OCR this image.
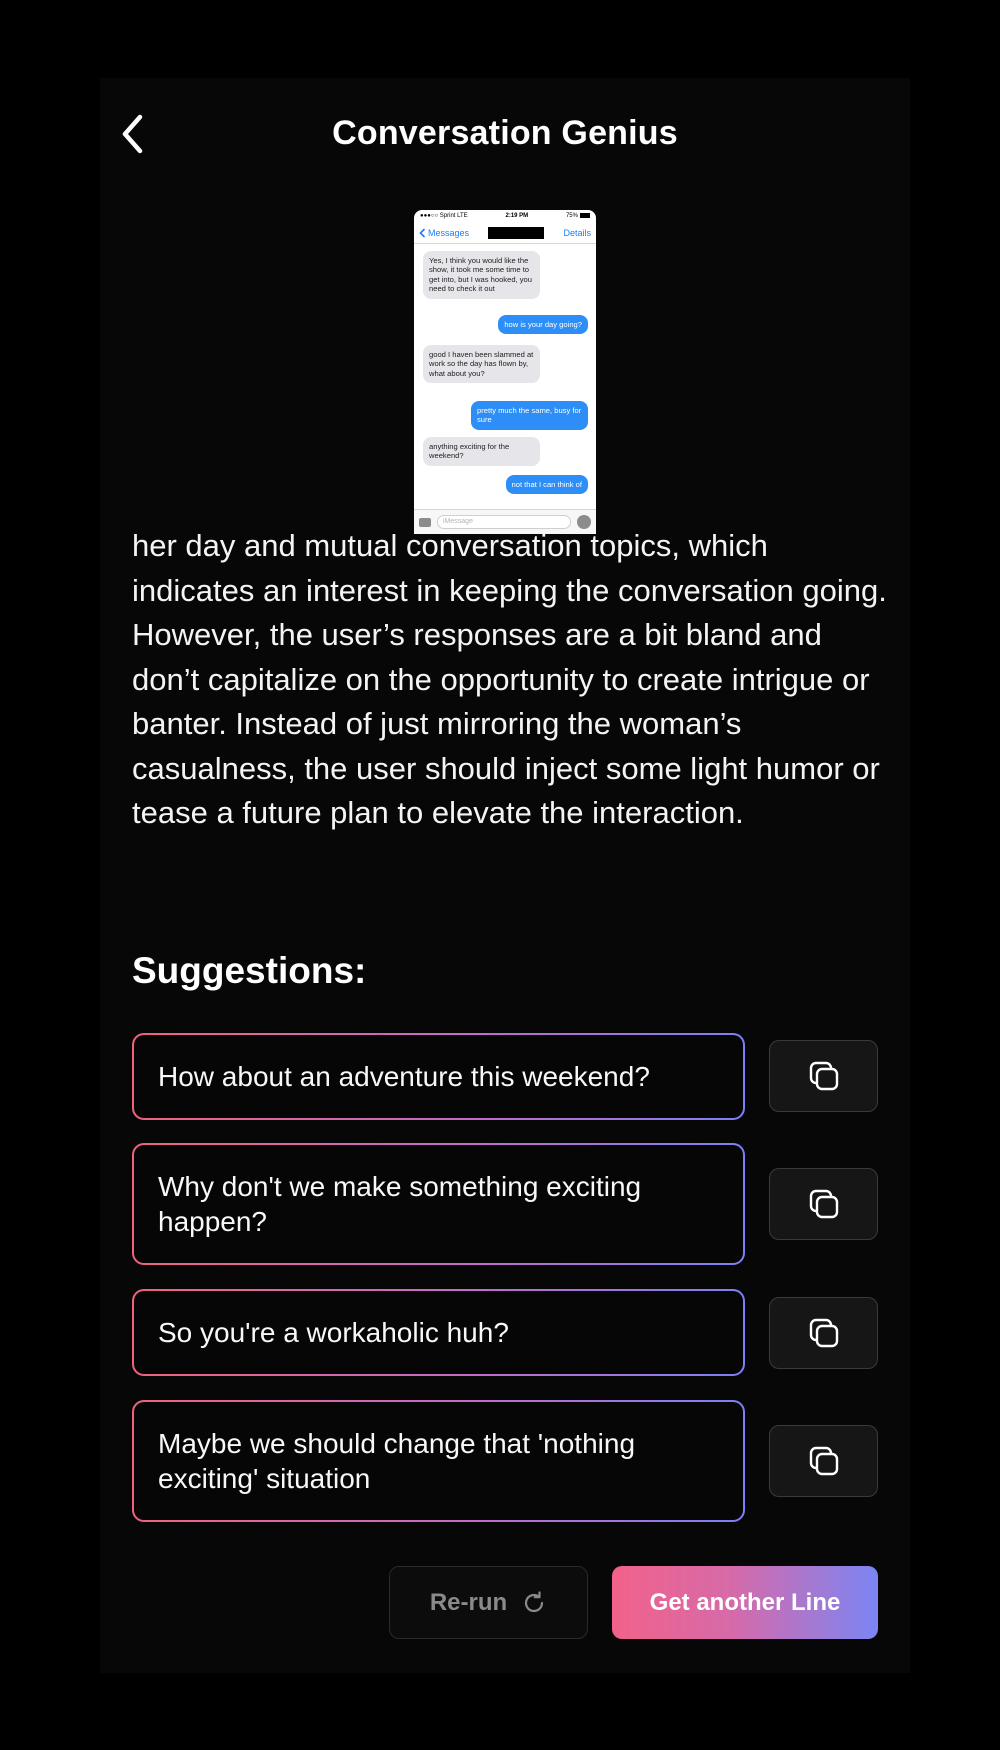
Conversation Genius
●●●○○ Sprint LTE	2:19 PM	75%
Messages	Details
Yes, I think you would like the show, it took me some time to get into, but I was hooked, you need to check it out
how is your day going?
good I haven been slammed at work so the day has flown by, what about you?
pretty much the same, busy for sure
anything exciting for the weekend?
not that I can think of
iMessage

her day and mutual conversation topics, which indicates an interest in keeping the conversation going. However, the user’s responses are a bit bland and don’t capitalize on the opportunity to create intrigue or banter. Instead of just mirroring the woman’s casualness, the user should inject some light humor or tease a future plan to elevate the interaction.

Suggestions:
How about an adventure this weekend?
Why don't we make something exciting happen?
So you're a workaholic huh?
Maybe we should change that 'nothing exciting' situation
Re-run	Get another Line
